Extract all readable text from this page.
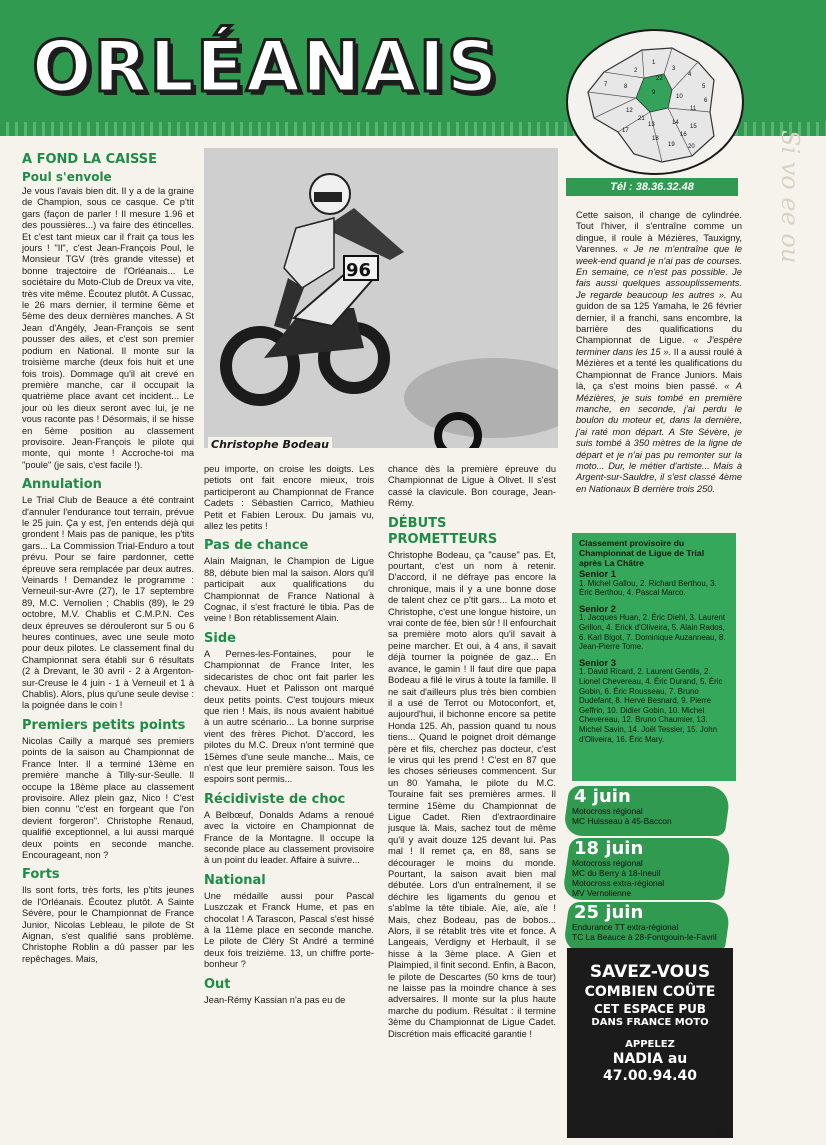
ORLÉANAIS	1
2	3
4
5
6
7	8
9
10
11
12
13	14
15
16
17
18
19 20
21
22
Tél : 38.36.32.48
96
Christophe Bodeau
A FOND LA CAISSE
Poul s'envole

Je vous l'avais bien dit. Il y a de la graine de Champion, sous ce casque. Ce p'tit gars (façon de parler ! Il mesure 1.96 et des poussières...) va faire des étincelles. Et c'est tant mieux car il f'rait ça tous les jours ! "Il", c'est Jean-François Poul, le Monsieur TGV (très grande vitesse) et bonne trajectoire de l'Orléanais... Le sociétaire du Moto-Club de Dreux va vite, très vite même. Écoutez plutôt. A Cussac, le 26 mars dernier, il termine 6ème et 5ème des deux dernières manches. A St Jean d'Angély, Jean-François se sent pousser des ailes, et c'est son premier podium en National. Il monte sur la troisième marche (deux fois huit et une fois trois). Dommage qu'il ait crevé en première manche, car il occupait la quatrième place avant cet incident... Le jour où les dieux seront avec lui, je ne vous raconte pas ! Désormais, il se hisse en 5ème position au classement provisoire. Jean-François le pilote qui monte, qui monte ! Accroche-toi ma "poule" (je sais, c'est facile !).

Annulation

Le Trial Club de Beauce a été contraint d'annuler l'endurance tout terrain, prévue le 25 juin. Ça y est, j'en entends déjà qui grondent ! Mais pas de panique, les p'tits gars... La Commission Trial-Enduro a tout prévu. Pour se faire pardonner, cette épreuve sera remplacée par deux autres. Veinards ! Demandez le programme : Verneuil-sur-Avre (27), le 17 septembre 89, M.C. Vernolien ; Chablis (89), le 29 octobre, M.V. Chablis et C.M.P.N. Ces deux épreuves se dérouleront sur 5 ou 6 heures continues, avec une seule moto pour deux pilotes. Le classement final du Championnat sera établi sur 6 résultats (2 à Drevant, le 30 avril - 2 à Argenton-sur-Creuse le 4 juin - 1 à Verneuil et 1 à Chablis). Alors, plus qu'une seule devise : la poignée dans le coin !

Premiers petits points

Nicolas Cailly a marqué ses premiers points de la saison au Championnat de France Inter. Il a terminé 13ème en première manche à Tilly-sur-Seulle. Il occupe la 18ème place au classement provisoire. Allez plein gaz, Nico ! C'est bien connu "c'est en forgeant que l'on devient forgeron". Christophe Renaud, qualifié exceptionnel, a lui aussi marqué deux points en seconde manche. Encourageant, non ?

Forts

Ils sont forts, très forts, les p'tits jeunes de l'Orléanais. Écoutez plutôt. A Sainte Sévère, pour le Championnat de France Junior, Nicolas Lebleau, le pilote de St Aignan, s'est qualifié sans problème. Christophe Roblin a dû passer par les repêchages. Mais,

peu importe, on croise les doigts. Les petiots ont fait encore mieux, trois participeront au Championnat de France Cadets : Sébastien Carrico, Mathieu Petit et Fabien Leroux. Du jamais vu, allez les petits !

Pas de chance

Alain Maignan, le Champion de Ligue 88, débute bien mal la saison. Alors qu'il participait aux qualifications du Championnat de France National à Cognac, il s'est fracturé le tibia. Pas de veine ! Bon rétablissement Alain.

Side

A Pernes-les-Fontaines, pour le Championnat de France Inter, les sidecaristes de choc ont fait parler les chevaux. Huet et Palisson ont marqué deux petits points. C'est toujours mieux que rien ! Mais, ils nous avaient habitué à un autre scénario... La bonne surprise vient des frères Pichot. D'accord, les pilotes du M.C. Dreux n'ont terminé que 15èmes d'une seule manche... Mais, ce n'est que leur première saison. Tous les espoirs sont permis...

Récidiviste de choc

A Belbœuf, Donalds Adams a renoué avec la victoire en Championnat de France de la Montagne. Il occupe la seconde place au classement provisoire à un point du leader. Affaire à suivre...

National

Une médaille aussi pour Pascal Luszczak et Franck Hume, et pas en chocolat ! A Tarascon, Pascal s'est hissé à la 11ème place en seconde manche. Le pilote de Cléry St André a terminé deux fois treizième. 13, un chiffre porte-bonheur ?

Out

Jean-Rémy Kassian n'a pas eu de

chance dès la première épreuve du Championnat de Ligue à Olivet. Il s'est cassé la clavicule. Bon courage, Jean-Rémy.

DÉBUTS PROMETTEURS

Christophe Bodeau, ça "cause" pas. Et, pourtant, c'est un nom à retenir. D'accord, il ne défraye pas encore la chronique, mais il y a une bonne dose de talent chez ce p'tit gars... La moto et Christophe, c'est une longue histoire, un vrai conte de fée, bien sûr ! Il enfourchait sa première moto alors qu'il savait à peine marcher. Et oui, à 4 ans, il savait déjà tourner la poignée de gaz... En avance, le gamin ! Il faut dire que papa Bodeau a filé le virus à toute la famille. Il ne sait d'ailleurs plus très bien combien il a usé de Terrot ou Motoconfort, et, aujourd'hui, il bichonne encore sa petite Honda 125. Ah, passion quand tu nous tiens... Quand le poignet droit démange père et fils, cherchez pas docteur, c'est le virus qui les prend ! C'est en 87 que les choses sérieuses commencent. Sur un 80 Yamaha, le pilote du M.C. Touraine fait ses premières armes. Il termine 15ème du Championnat de Ligue Cadet. Rien d'extraordinaire jusque là. Mais, sachez tout de même qu'il y avait douze 125 devant lui. Pas mal ! Il remet ça, en 88, sans se décourager le moins du monde. Pourtant, la saison avait bien mal débutée. Lors d'un entraînement, il se déchire les ligaments du genou et s'abîme la tête tibiale. Aïe, aïe, aïe ! Mais, chez Bodeau, pas de bobos... Alors, il se rétablit très vite et fonce. A Langeais, Verdigny et Herbault, il se hisse à la 3ème place. A Gien et Plaimpied, il finit second. Enfin, à Bacon, le pilote de Descartes (50 kms de tour) ne laisse pas la moindre chance à ses adversaires. Il monte sur la plus haute marche du podium. Résultat : il termine 3ème du Championnat de Ligue Cadet. Discrétion mais efficacité garantie !

Cette saison, il change de cylindrée. Tout l'hiver, il s'entraîne comme un dingue, il roule à Mézières, Tauxigny, Varennes. « Je ne m'entraîne que le week-end quand je n'ai pas de courses. En semaine, ce n'est pas possible. Je fais aussi quelques assouplissements. Je regarde beaucoup les autres ». Au guidon de sa 125 Yamaha, le 26 février dernier, il a franchi, sans encombre, la barrière des qualifications du Championnat de Ligue. « J'espère terminer dans les 15 ». Il a aussi roulé à Mézières et a tenté les qualifications du Championnat de France Juniors. Mais là, ça s'est moins bien passé. « A Mézières, je suis tombé en première manche, en seconde, j'ai perdu le boulon du moteur et, dans la dernière, j'ai raté mon départ. A Ste Sévère, je suis tombé à 350 mètres de la ligne de départ et je n'ai pas pu remonter sur la moto... Dur, le métier d'artiste... Mais à Argent-sur-Sauldre, il s'est classé 4ème en Nationaux B derrière trois 250.

Classement provisoire du Championnat de Ligue de Trial après La Châtre
Senior 1
1. Michel Gallou, 2. Richard Berthou, 3. Éric Berthou, 4. Pascal Marco.
Senior 2
1. Jacques Huan, 2. Éric Diehl, 3. Laurent Grillon, 4. Erick d'Oliveira, 5. Alain Rados, 6. Karl Bigot, 7. Dominique Auzanneau, 8. Jean-Pierre Tome.
Senior 3
1. David Ricard, 2. Laurent Gentils, 2. Lionel Chevereau, 4. Éric Durand, 5. Éric Gobin, 6. Éric Rousseau, 7. Bruno Dudefant, 8. Hervé Besnard, 9. Pierre Geffrin, 10. Didier Gobin, 10. Michel Chevereau, 12. Bruno Chaumier, 13. Michel Savin, 14. Joël Tessier, 15. John d'Oliveira, 16. Éric Mary.
4 juin
Motocross régional
MC Huisseau à 45-Baccon
18 juin
Motocross régional
MC du Berry à 18-Ineuil
Motocross extra-régional
MV Vernolienne
25 juin
Endurance TT extra-régional
TC La Beauce à 28-Fontgouin-le-Favril
SAVEZ-VOUS
COMBIEN COÛTE
CET ESPACE PUB
DANS FRANCE MOTO
APPELEZ
NADIA au
47.00.94.40
Si vo ee ou
69
